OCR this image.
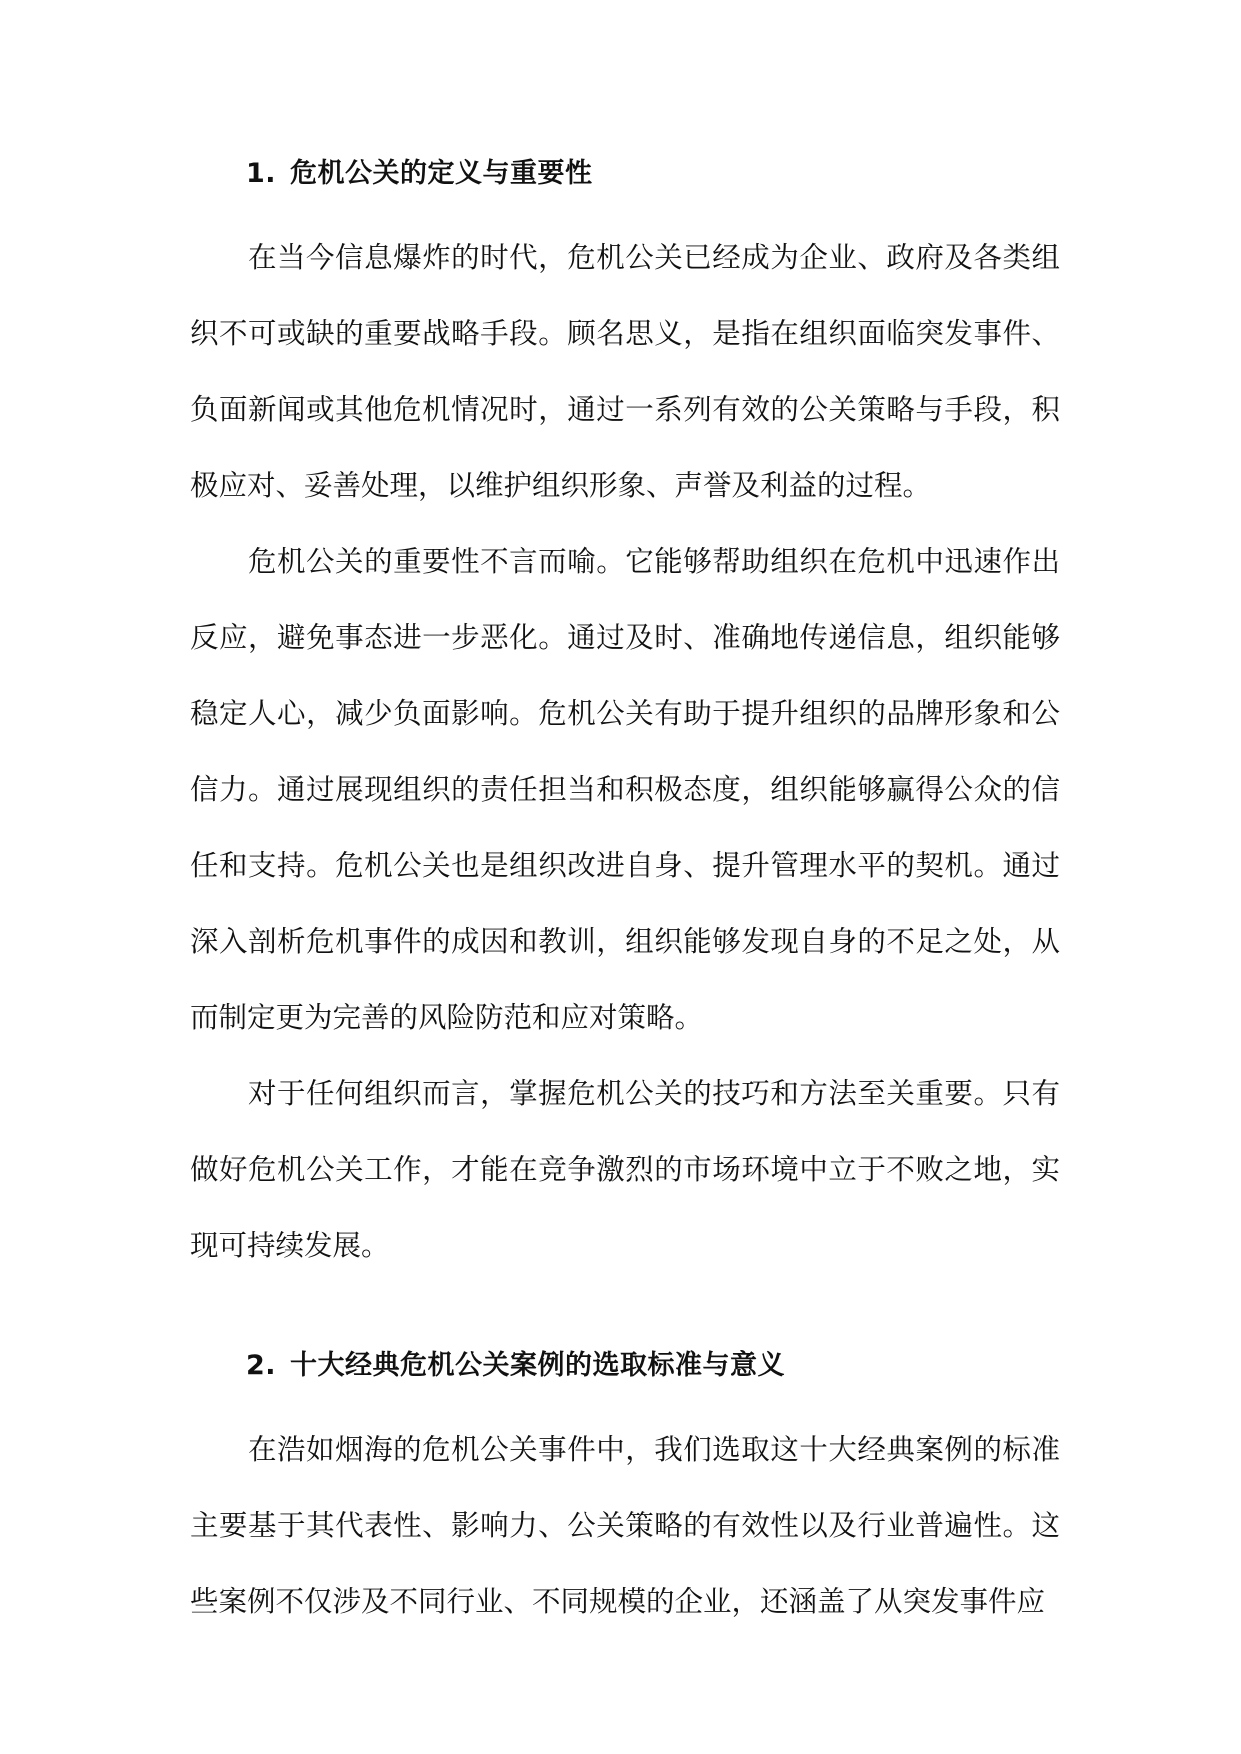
1. 危机公关的定义与重要性

在当今信息爆炸的时代，危机公关已经成为企业、政府及各类组织不可或缺的重要战略手段。顾名思义，是指在组织面临突发事件、负面新闻或其他危机情况时，通过一系列有效的公关策略与手段，积极应对、妥善处理，以维护组织形象、声誉及利益的过程。

危机公关的重要性不言而喻。它能够帮助组织在危机中迅速作出反应，避免事态进一步恶化。通过及时、准确地传递信息，组织能够稳定人心，减少负面影响。危机公关有助于提升组织的品牌形象和公信力。通过展现组织的责任担当和积极态度，组织能够赢得公众的信任和支持。危机公关也是组织改进自身、提升管理水平的契机。通过深入剖析危机事件的成因和教训，组织能够发现自身的不足之处，从而制定更为完善的风险防范和应对策略。

对于任何组织而言，掌握危机公关的技巧和方法至关重要。只有做好危机公关工作，才能在竞争激烈的市场环境中立于不败之地，实现可持续发展。

2. 十大经典危机公关案例的选取标准与意义

在浩如烟海的危机公关事件中，我们选取这十大经典案例的标准主要基于其代表性、影响力、公关策略的有效性以及行业普遍性。这些案例不仅涉及不同行业、不同规模的企业，还涵盖了从突发事件应
